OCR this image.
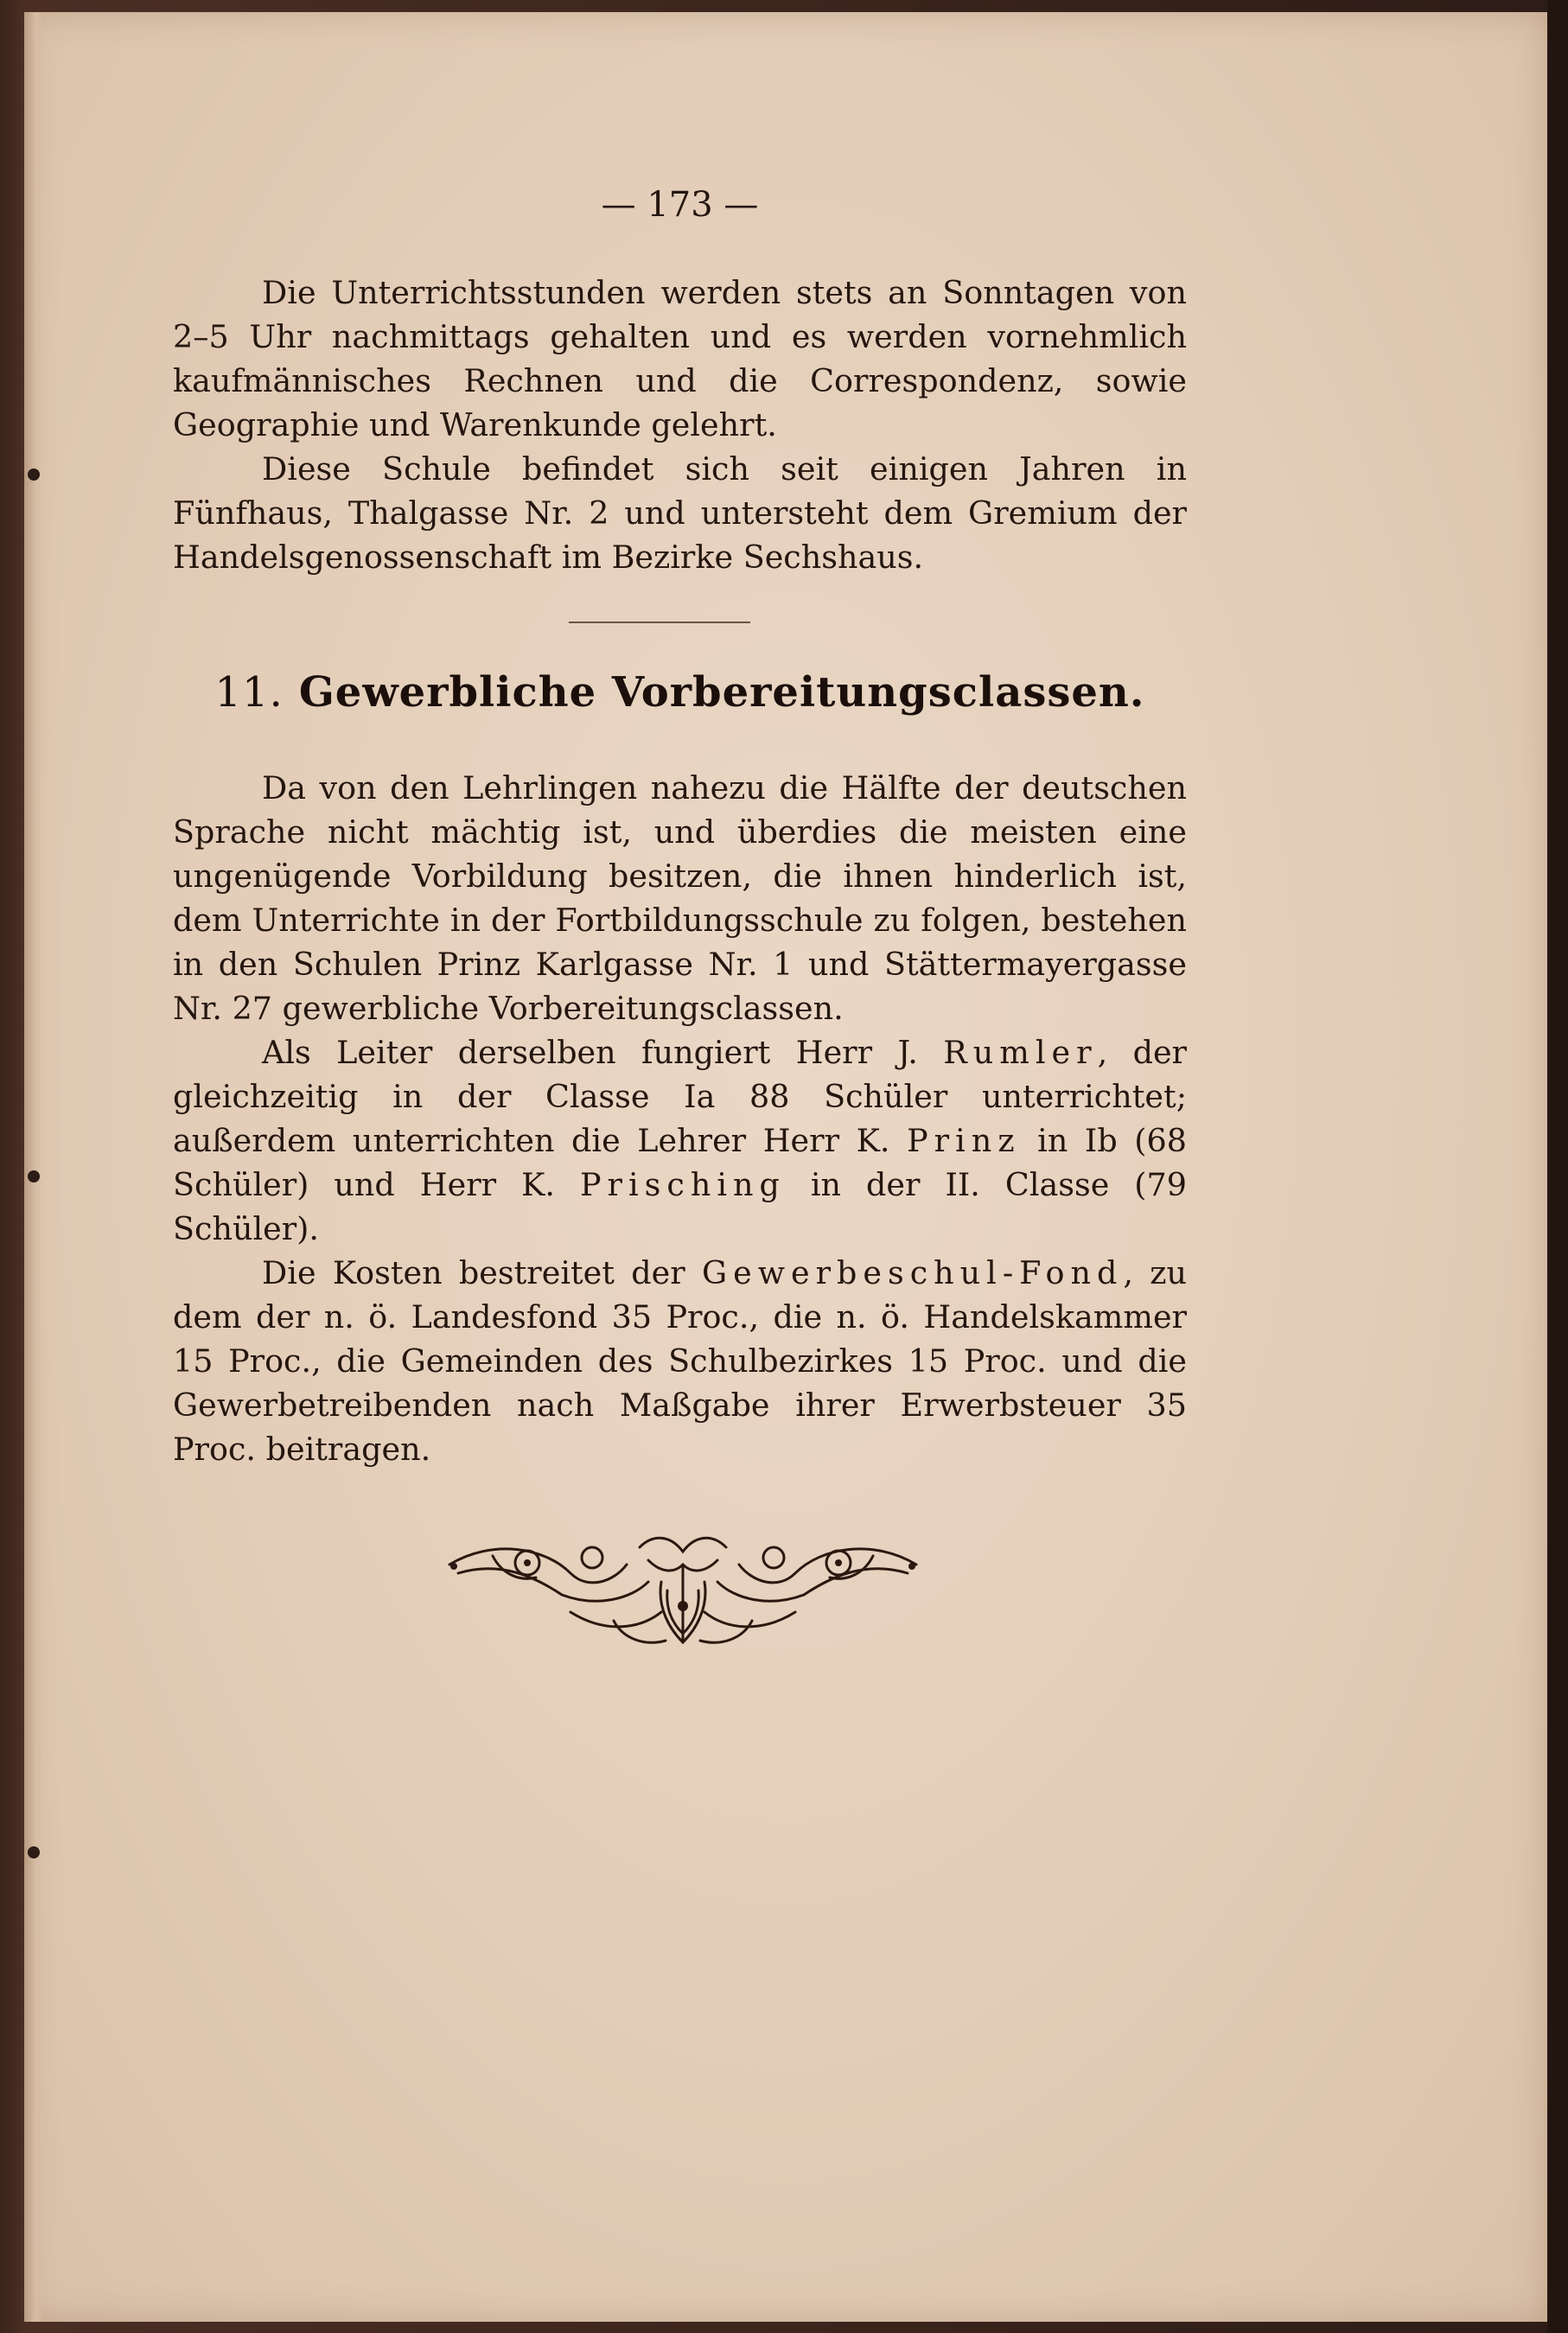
— 173 —

Die Unterrichtsstunden werden stets an Sonntagen von 2–5 Uhr nachmittags gehalten und es werden vornehmlich kaufmännisches Rechnen und die Correspondenz, sowie Geographie und Warenkunde gelehrt.

Diese Schule befindet sich seit einigen Jahren in Fünfhaus, Thalgasse Nr. 2 und untersteht dem Gremium der Handelsgenossenschaft im Bezirke Sechshaus.

11. Gewerbliche Vorbereitungsclassen.

Da von den Lehrlingen nahezu die Hälfte der deutschen Sprache nicht mächtig ist, und überdies die meisten eine ungenügende Vorbildung besitzen, die ihnen hinderlich ist, dem Unterrichte in der Fortbildungsschule zu folgen, bestehen in den Schulen Prinz Karlgasse Nr. 1 und Stättermayergasse Nr. 27 gewerbliche Vorbereitungsclassen.

Als Leiter derselben fungiert Herr J. Rumler, der gleichzeitig in der Classe Ia 88 Schüler unterrichtet; außerdem unterrichten die Lehrer Herr K. Prinz in Ib (68 Schüler) und Herr K. Prisching in der II. Classe (79 Schüler).

Die Kosten bestreitet der Gewerbeschul-Fond, zu dem der n. ö. Landesfond 35 Proc., die n. ö. Handelskammer 15 Proc., die Gemeinden des Schulbezirkes 15 Proc. und die Gewerbetreibenden nach Maßgabe ihrer Erwerbsteuer 35 Proc. beitragen.
